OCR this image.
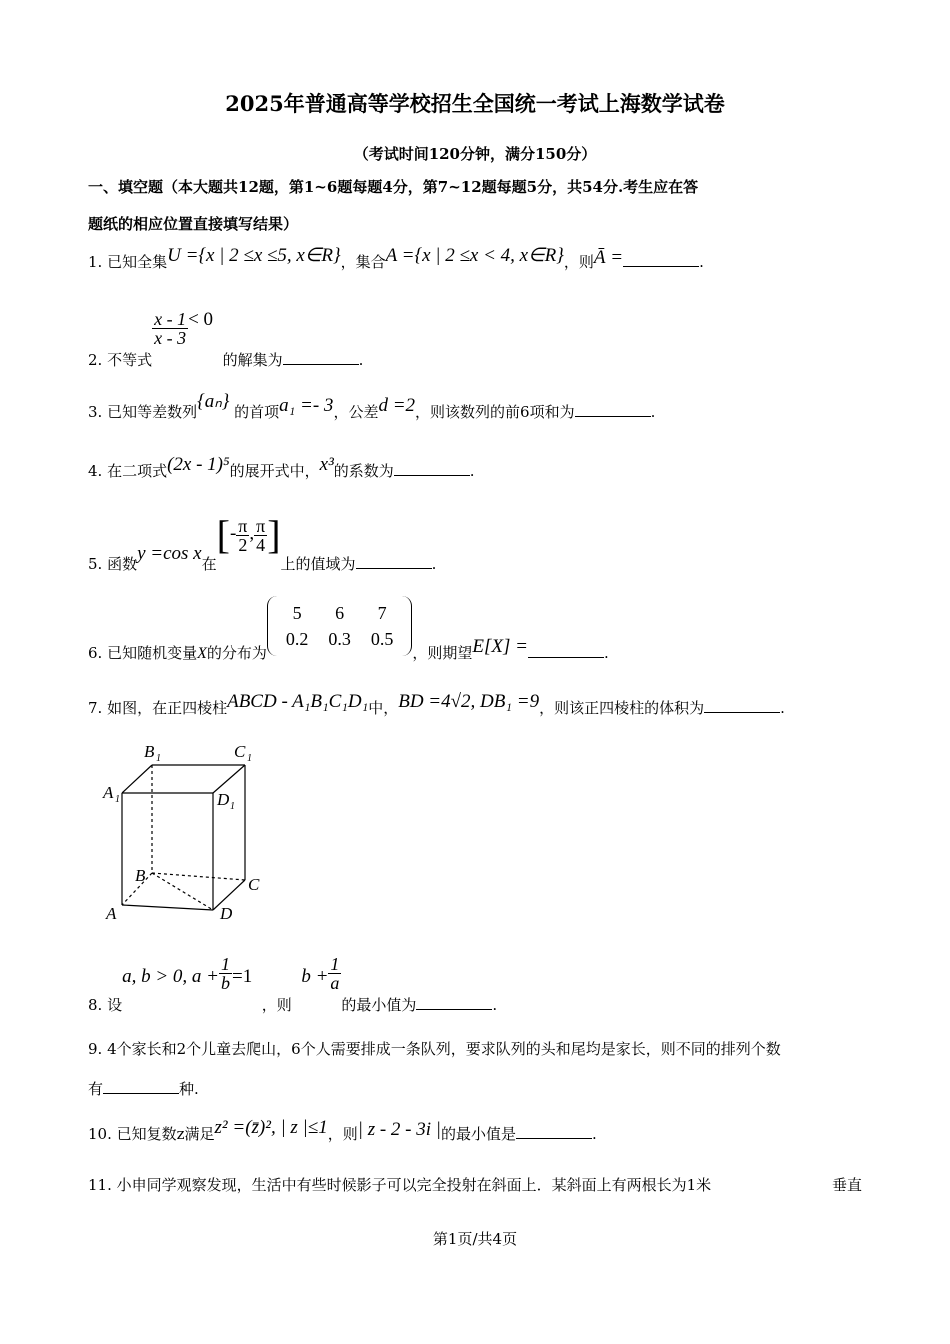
2025年普通高等学校招生全国统一考试上海数学试卷
（考试时间120分钟，满分150分）
一、填空题（本大题共12题，第1~6题每题4分，第7~12题每题5分，共54分.考生应在答
题纸的相应位置直接填写结果）
1. 已知全集U ={x | 2 ≤x ≤5, x∈R}，集合A ={x | 2 ≤x < 4, x∈R}，则Ā =	.
2. 不等式
$\frac{x - 1}{x - 3} < 0$  的解集为	.
3. 已知等差数列{aₙ} 的首项a₁ =- 3，公差d =2，则该数列的前6项和为	.
4. 在二项式(2x - 1)⁵的展开式中，x³的系数为	.
5. 函数y =cos x在[- $\frac{\pi}{2}$ , $\frac{\pi}{4}$ ]上的值域为	.
6. 已知随机变量X的分布为
5	6	7
0.2	0.3	0.5
，则期望E[X] =	.
7. 如图，在正四棱柱ABCD - A₁B₁C₁D₁中，BD =4√2, DB₁ =9，则该正四棱柱的体积为	.
B 1	C 1
A 1	D 1
B	C
A	D
8. 设a, b > 0, $a + \frac{1}{b} =1$  ，则  $b + \frac{1}{a}$
的最小值为	.
9. 4个家长和2个儿童去爬山，6个人需要排成一条队列，要求队列的头和尾均是家长，则不同的排列个数
有	种.
10. 已知复数z满足z² =(z̄)², | z |≤1，则| z - 2 - 3i |的最小值是	.
11. 小申同学观察发现，生活中有些时候影子可以完全投射在斜面上．某斜面上有两根长为1米	垂直
第1页/共4页
